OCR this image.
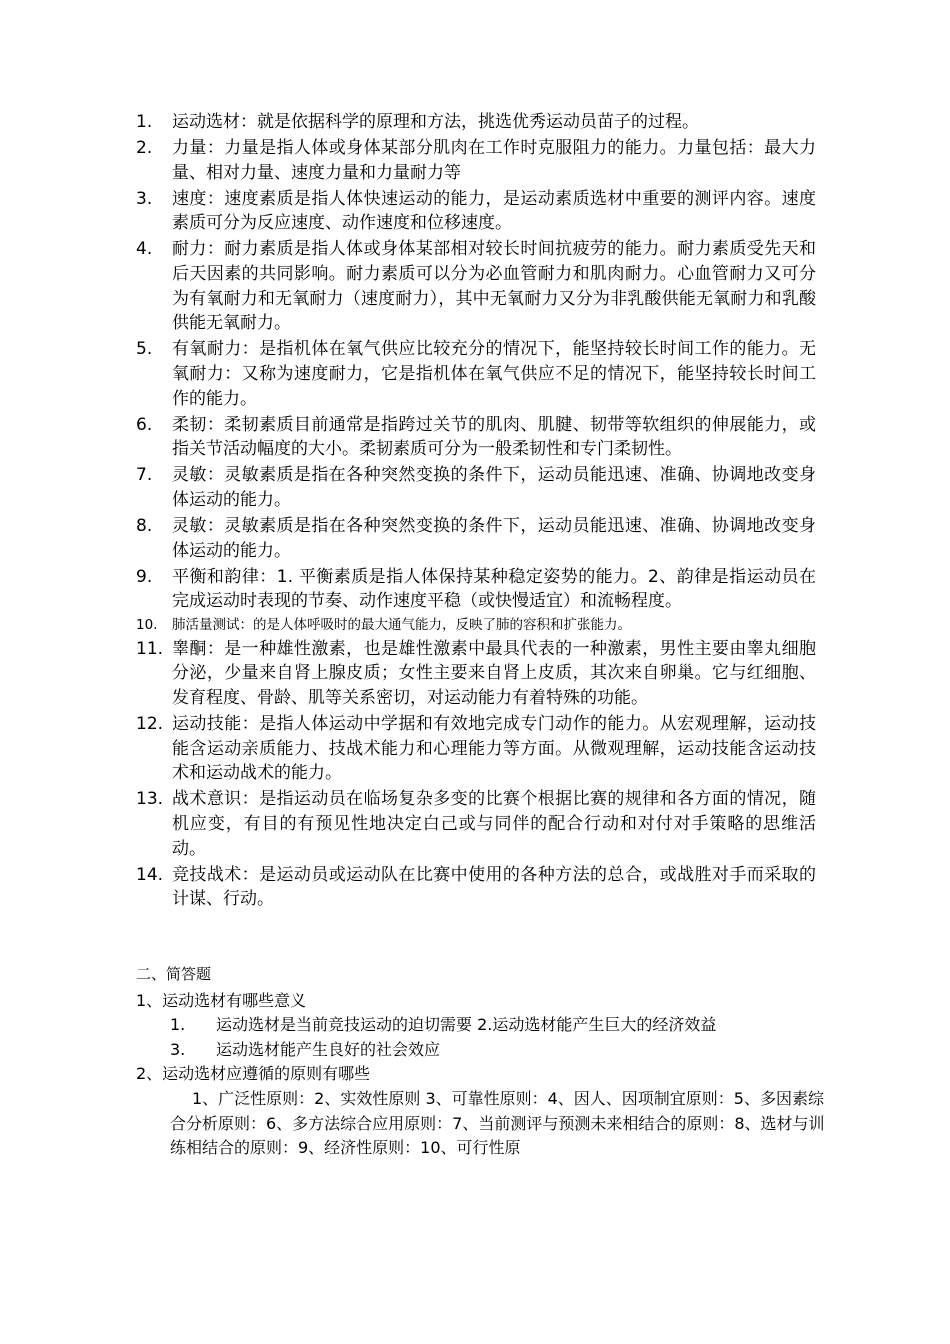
1.	运动选材：就是依据科学的原理和方法，挑选优秀运动员苗子的过程。
2.	力量：力量是指人体或身体某部分肌肉在工作时克服阻力的能力。力量包括：最大力量、相对力量、速度力量和力量耐力等
3.	速度：速度素质是指人体快速运动的能力，是运动素质选材中重要的测评内容。速度素质可分为反应速度、动作速度和位移速度。
4.	耐力：耐力素质是指人体或身体某部相对较长时间抗疲劳的能力。耐力素质受先天和后天因素的共同影响。耐力素质可以分为必血管耐力和肌肉耐力。心血管耐力又可分为有氧耐力和无氧耐力（速度耐力），其中无氧耐力又分为非乳酸供能无氧耐力和乳酸供能无氧耐力。
5.	有氧耐力：是指机体在氧气供应比较充分的情况下，能坚持较长时间工作的能力。无氧耐力：又称为速度耐力，它是指机体在氧气供应不足的情况下，能坚持较长时间工作的能力。
6.	柔韧：柔韧素质目前通常是指跨过关节的肌肉、肌腱、韧带等软组织的伸展能力，或指关节活动幅度的大小。柔韧素质可分为一般柔韧性和专门柔韧性。
7.	灵敏：灵敏素质是指在各种突然变换的条件下，运动员能迅速、准确、协调地改变身体运动的能力。
8.	灵敏：灵敏素质是指在各种突然变换的条件下，运动员能迅速、准确、协调地改变身体运动的能力。
9.	平衡和韵律：1. 平衡素质是指人体保持某种稳定姿势的能力。2、韵律是指运动员在完成运动时表现的节奏、动作速度平稳（或快慢适宜）和流畅程度。
10.	肺活量测试：的是人体呼吸时的最大通气能力，反映了肺的容积和扩张能力。
11. 睾酮：是一种雄性激素，也是雄性激素中最具代表的一种激素，男性主要由睾丸细胞分泌，少量来自肾上腺皮质；女性主要来自肾上皮质，其次来自卵巢。它与红细胞、发育程度、骨龄、肌等关系密切，对运动能力有着特殊的功能。
12. 运动技能：是指人体运动中学据和有效地完成专门动作的能力。从宏观理解，运动技能含运动亲质能力、技战术能力和心理能力等方面。从微观理解，运动技能含运动技术和运动战术的能力。
13. 战术意识：是指运动员在临场复杂多变的比赛个根据比赛的规律和各方面的情况，随机应变，有目的有预见性地决定白己或与同伴的配合行动和对付对手策略的思维活动。
14. 竞技战术：是运动员或运动队在比赛中使用的各种方法的总合，或战胜对手而采取的计谋、行动。
二、简答题
1、运动选材有哪些意义
1.	运动选材是当前竞技运动的迫切需要 2.运动选材能产生巨大的经济效益
3.	运动选材能产生良好的社会效应
2、运动选材应遵循的原则有哪些
1、广泛性原则：2、实效性原则 3、可靠性原则：4、因人、因项制宜原则：5、多因素综合分析原则：6、多方法综合应用原则：7、当前测评与预测未来相结合的原则：8、选材与训练相结合的原则：9、经济性原则：10、可行性原
